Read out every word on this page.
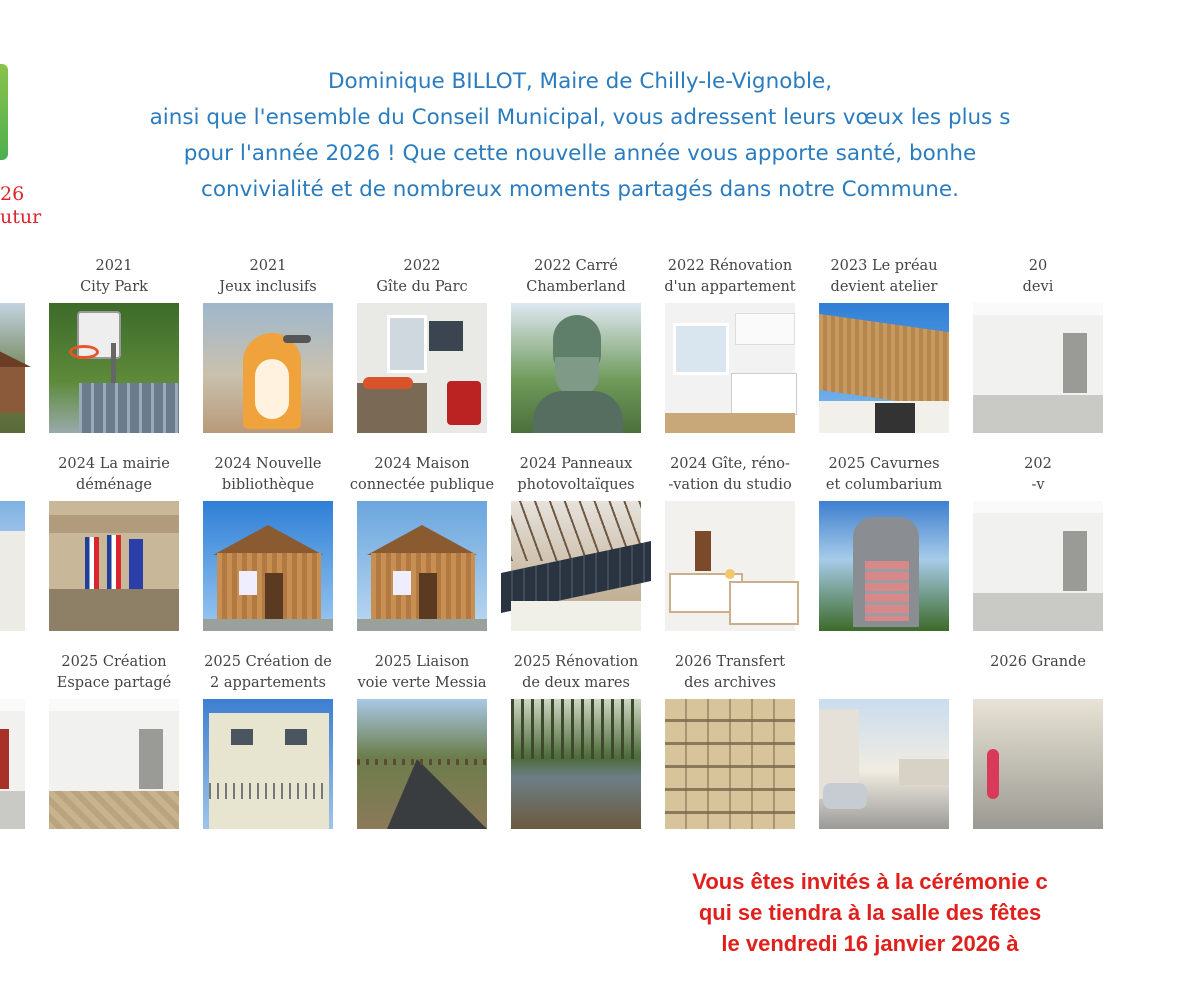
26
utur
Dominique BILLOT, Maire de Chilly-le-Vignoble,
ainsi que l'ensemble du Conseil Municipal, vous adressent leurs vœux les plus s
pour l'année 2026 ! Que cette nouvelle année vous apporte santé, bonhe
convivialité et de nombreux moments partagés dans notre Commune.
2021
City Park
2021
Jeux inclusifs
2022
Gîte du Parc
2022 Carré
Chamberland
2022 Rénovation
d'un appartement
2023 Le préau
devient atelier
20
devi
2024 La mairie
déménage
2024 Nouvelle
bibliothèque
2024 Maison
connectée publique
2024 Panneaux
photovoltaïques
2024 Gîte, réno-
-vation du studio
2025 Cavurnes
et columbarium
202
-v
2025 Création
Espace partagé
2025 Création de
2 appartements
2025 Liaison
voie verte Messia
2025 Rénovation
de deux mares
2026 Transfert
des archives
2026 Grande
Vous êtes invités à la cérémonie c
qui se tiendra à la salle des fêtes
le vendredi 16 janvier 2026 à
